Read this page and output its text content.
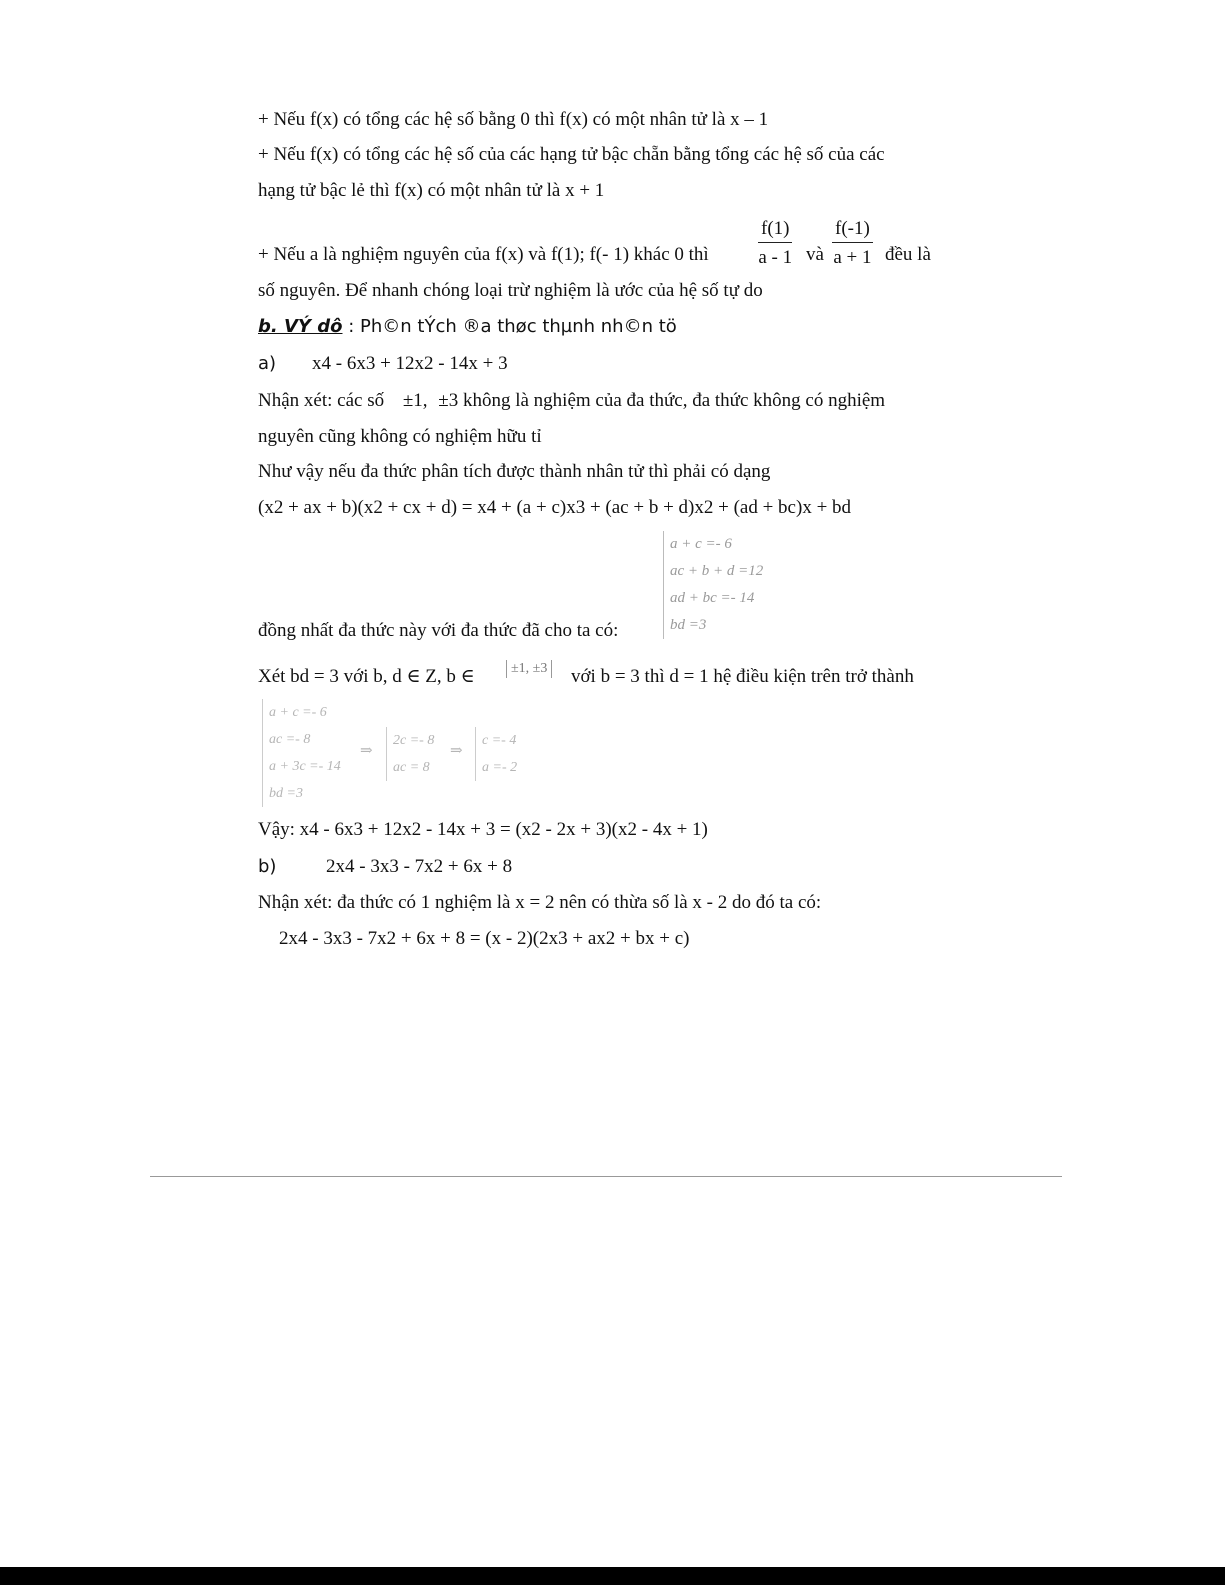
+ Nếu f(x) có tổng các hệ số bằng 0 thì f(x) có một nhân tử là x – 1
+ Nếu f(x) có tổng các hệ số của các hạng tử bậc chẵn bằng tổng các hệ số của các
hạng tử bậc lẻ thì f(x) có một nhân tử là x + 1
+ Nếu a là nghiệm nguyên của f(x) và f(1); f(- 1) khác 0 thì	$\frac{f(1)}{a - 1}$ và $\frac{f(-1)}{a + 1}$ đều là
số nguyên. Để nhanh chóng loại trừ nghiệm là ước của hệ số tự do
b. VÝ dô : Ph©n tÝch ®a thøc thµnh nh©n tö
a) x4 - 6x3 + 12x2 - 14x + 3
Nhận xét: các số ±1, ±3 không là nghiệm của đa thức, đa thức không có nghiệm
nguyên cũng không có nghiệm hữu tỉ
Như vậy nếu đa thức phân tích được thành nhân tử thì phải có dạng
(x2 + ax + b)(x2 + cx + d) = x4 + (a + c)x3 + (ac + b + d)x2 + (ad + bc)x + bd
a + c =- 6
ac + b + d =12
ad + bc =- 14
bd =3
đồng nhất đa thức này với đa thức đã cho ta có:
Xét bd = 3 với b, d ∈ Z, b ∈	±1, ±3 với b = 3 thì d = 1 hệ điều kiện trên trở thành
a + c =- 6
ac =- 8
a + 3c =- 14
bd =3
⇒
2c =- 8
ac = 8
⇒
c =- 4
a =- 2
Vậy: x4 - 6x3 + 12x2 - 14x + 3 = (x2 - 2x + 3)(x2 - 4x + 1)
b)	2x4 - 3x3 - 7x2 + 6x + 8
Nhận xét: đa thức có 1 nghiệm là x = 2 nên có thừa số là x - 2 do đó ta có:
2x4 - 3x3 - 7x2 + 6x + 8 = (x - 2)(2x3 + ax2 + bx + c)
